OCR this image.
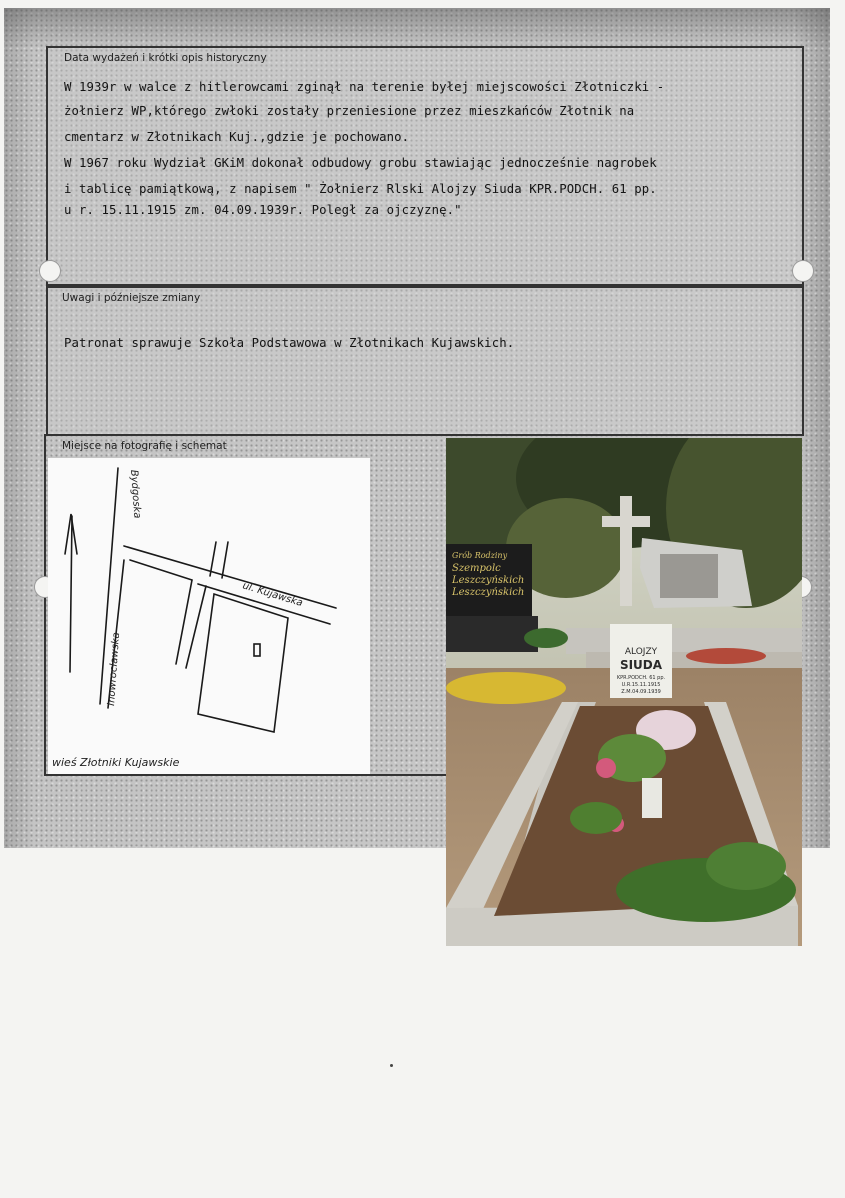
Data wydażeń i krótki opis historyczny
W 1939r w walce z hitlerowcami zginął na terenie byłej miejscowości Złotniczki -
żołnierz WP,którego zwłoki zostały przeniesione przez mieszkańców Złotnik na
cmentarz w Złotnikach Kuj.,gdzie je pochowano.
W 1967 roku Wydział GKiM dokonał odbudowy grobu stawiając jednocześnie nagrobek
i tablicę pamiątkową, z napisem " Żołnierz Rlski Alojzy Siuda KPR.PODCH. 61 pp.
u r. 15.11.1915 zm. 04.09.1939r. Poległ za ojczyznę."
Uwagi i późniejsze zmiany
Patronat sprawuje Szkoła Podstawowa w Złotnikach Kujawskich.
Miejsce na fotografię i schemat
Bydgoska
Inowrocławska
ul. Kujawska
wieś Złotniki Kujawskie
Grób Rodziny
Szempolc
Leszczyńskich
Leszczyńskich
ALOJZY
SIUDA
KPR.PODCH. 61 pp.
U.R.15.11.1915
Z.M.04.09.1939
